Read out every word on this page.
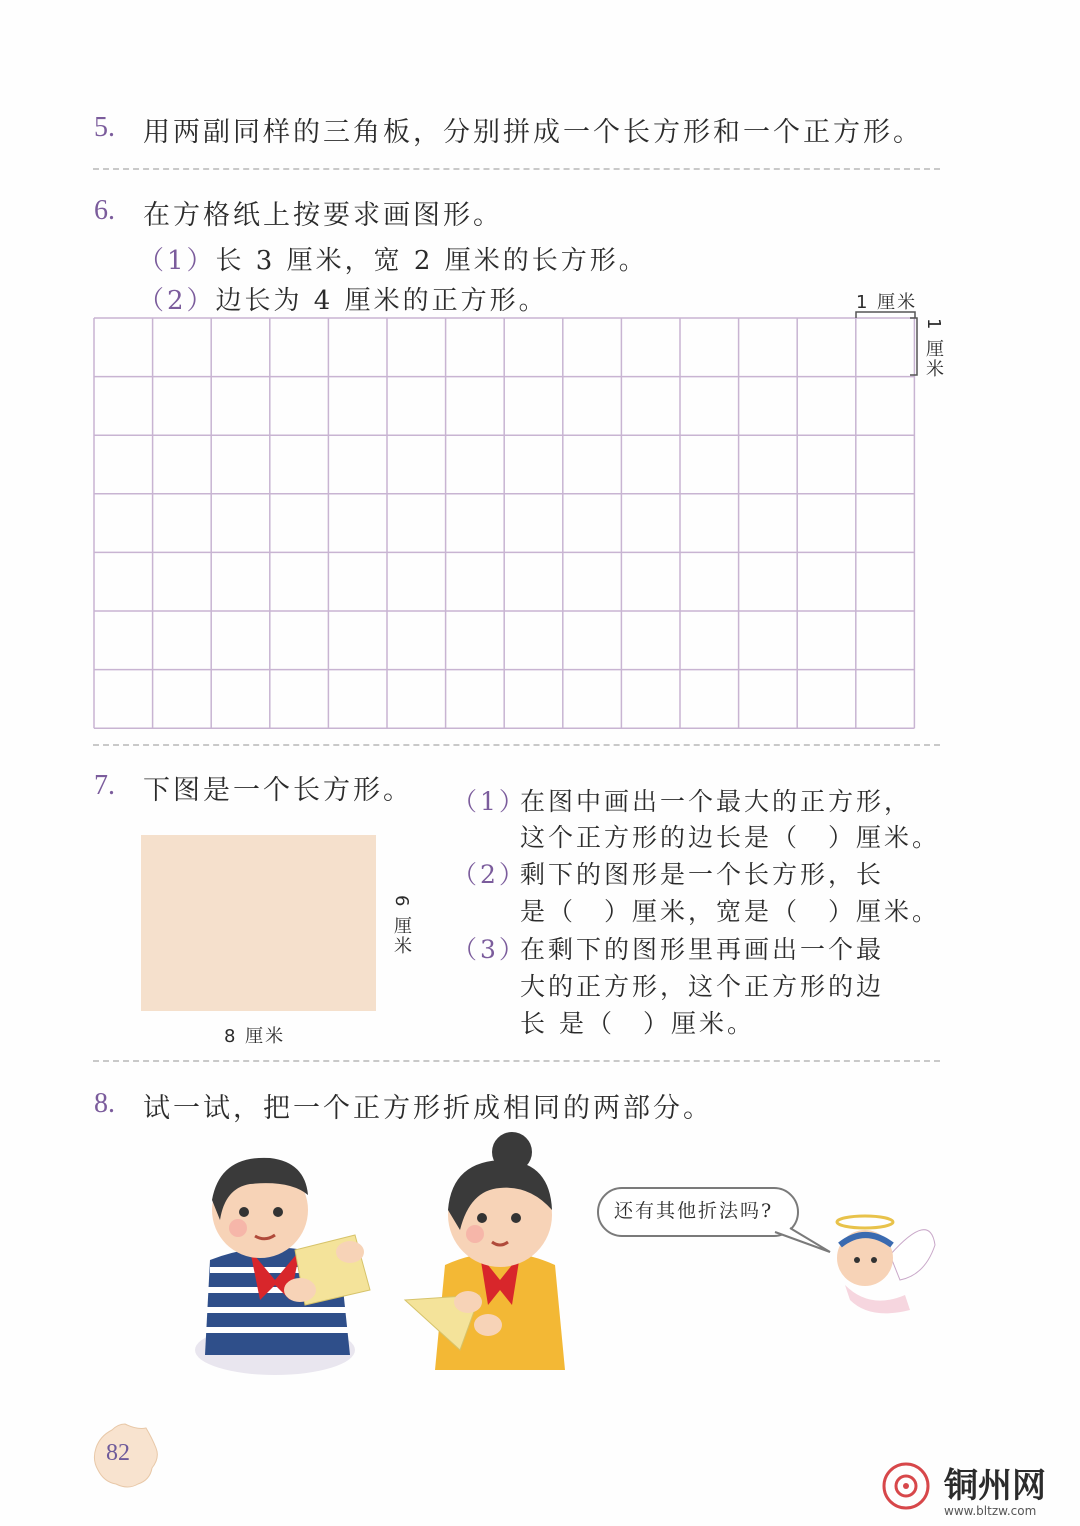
5. 用两副同样的三角板，分别拼成一个长方形和一个正方形。
6. 在方格纸上按要求画图形。
（1）长 3 厘米，宽 2 厘米的长方形。
（2）边长为 4 厘米的正方形。	1 厘米
1 厘米
7. 下图是一个长方形。
8 厘米
6 厘米
（1）
在图中画出一个最大的正方形，
这个正方形的边长是（　）厘米。
（2）
剩下的图形是一个长方形，长
是（　）厘米，宽是（　）厘米。
（3）
在剩下的图形里再画出一个最
大的正方形，这个正方形的边
长 是（　）厘米。
8. 试一试，把一个正方形折成相同的两部分。
还有其他折法吗?
82
铜州网
www.bltzw.com
